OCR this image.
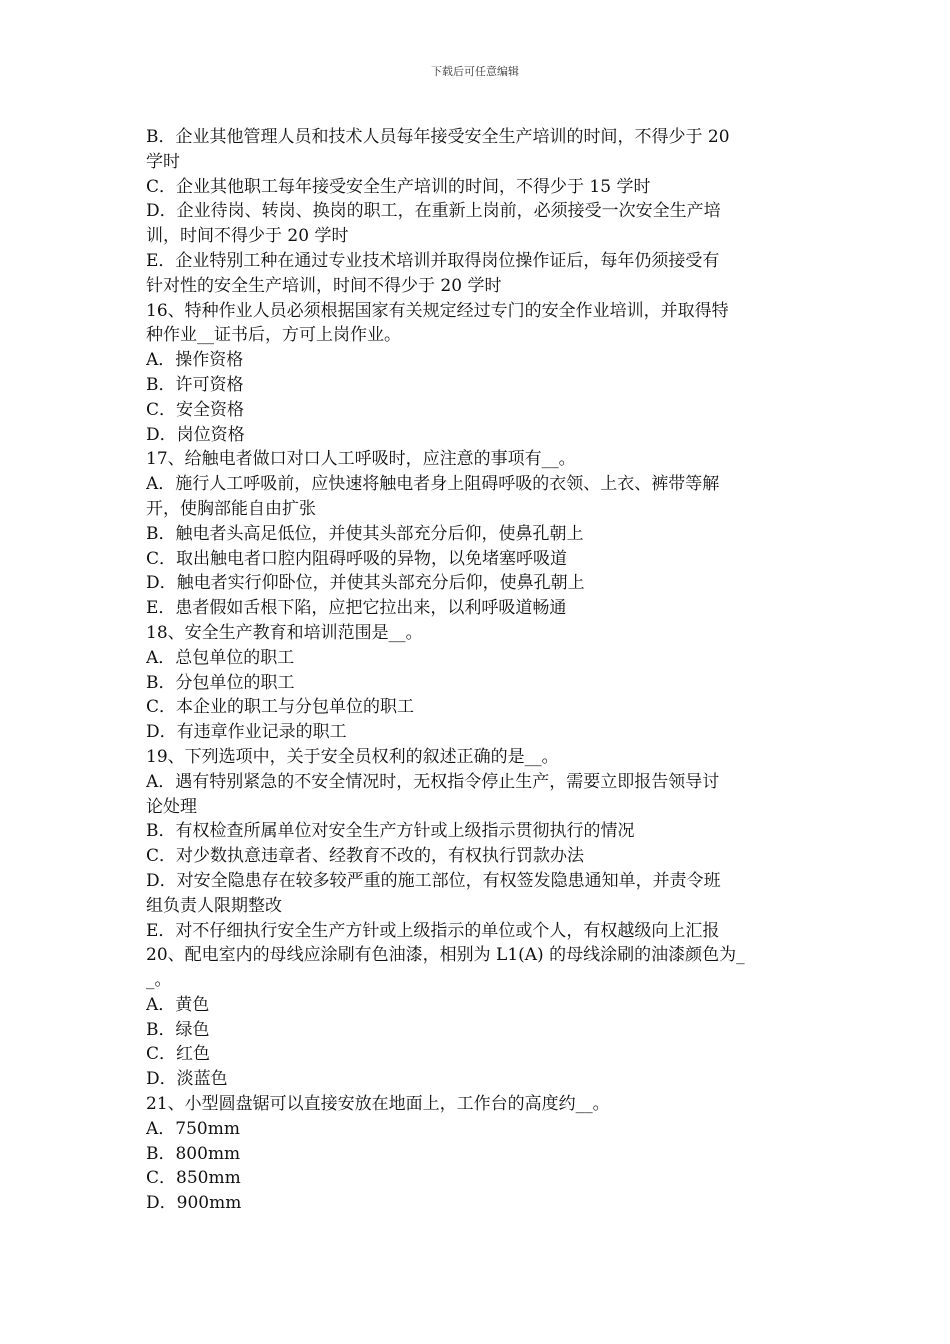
下载后可任意编辑
B．企业其他管理人员和技术人员每年接受安全生产培训的时间，不得少于 20
学时
C．企业其他职工每年接受安全生产培训的时间，不得少于 15 学时
D．企业待岗、转岗、换岗的职工，在重新上岗前，必须接受一次安全生产培
训，时间不得少于 20 学时
E．企业特别工种在通过专业技术培训并取得岗位操作证后，每年仍须接受有
针对性的安全生产培训，时间不得少于 20 学时
16、特种作业人员必须根据国家有关规定经过专门的安全作业培训，并取得特
种作业__证书后，方可上岗作业。
A．操作资格
B．许可资格
C．安全资格
D．岗位资格
17、给触电者做口对口人工呼吸时，应注意的事项有__。
A．施行人工呼吸前，应快速将触电者身上阻碍呼吸的衣领、上衣、裤带等解
开，使胸部能自由扩张
B．触电者头高足低位，并使其头部充分后仰，使鼻孔朝上
C．取出触电者口腔内阻碍呼吸的异物，以免堵塞呼吸道
D．触电者实行仰卧位，并使其头部充分后仰，使鼻孔朝上
E．患者假如舌根下陷，应把它拉出来，以利呼吸道畅通
18、安全生产教育和培训范围是__。
A．总包单位的职工
B．分包单位的职工
C．本企业的职工与分包单位的职工
D．有违章作业记录的职工
19、下列选项中，关于安全员权利的叙述正确的是__。
A．遇有特别紧急的不安全情况时，无权指令停止生产，需要立即报告领导讨
论处理
B．有权检查所属单位对安全生产方针或上级指示贯彻执行的情况
C．对少数执意违章者、经教育不改的，有权执行罚款办法
D．对安全隐患存在较多较严重的施工部位，有权签发隐患通知单，并责令班
组负责人限期整改
E．对不仔细执行安全生产方针或上级指示的单位或个人，有权越级向上汇报
20、配电室内的母线应涂刷有色油漆，相别为 L1(A) 的母线涂刷的油漆颜色为_
_。
A．黄色
B．绿色
C．红色
D．淡蓝色
21、小型圆盘锯可以直接安放在地面上，工作台的高度约__。
A．750mm
B．800mm
C．850mm
D．900mm
